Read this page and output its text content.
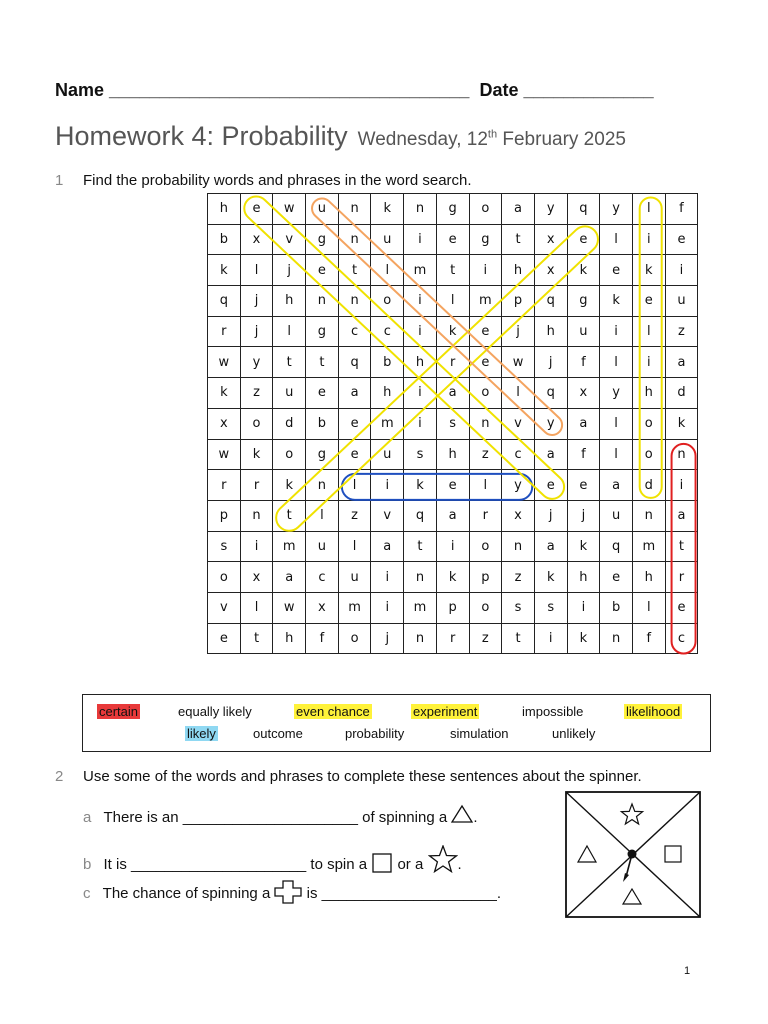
Name ____________________________________ Date _____________
Homework 4: Probability Wednesday, 12th February 2025
1 Find the probability words and phrases in the word search.
h	e	w	u	n	k	n	g	o	a	y	q	y	l	f
b	x	v	g	n	u	i	e	g	t	x	e	l	i	e
k	l	j	e	t	l	m	t	i	h	x	k	e	k	i
q	j	h	n	n	o	i	l	m	p	q	g	k	e	u
r	j	l	g	c	c	i	k	e	j	h	u	i	l	z
w	y	t	t	q	b	h	r	e	w	j	f	l	i	a
k	z	u	e	a	h	i	a	o	l	q	x	y	h	d
x	o	d	b	e	m	i	s	n	v	y	a	l	o	k
w	k	o	g	e	u	s	h	z	c	a	f	l	o	n
r	r	k	n	l	i	k	e	l	y	e	e	a	d	i
p	n	t	l	z	v	q	a	r	x	j	j	u	n	a
s	i	m	u	l	a	t	i	o	n	a	k	q	m	t
o	x	a	c	u	i	n	k	p	z	k	h	e	h	r
v	l	w	x	m	i	m	p	o	s	s	i	b	l	e
e	t	h	f	o	j	n	r	z	t	i	k	n	f	c
certain	equally likely	even chance	experiment	impossible	likelihood
likely	outcome	probability	simulation	unlikely
2 Use some of the words and phrases to complete these sentences about the spinner.
a There is an _____________________ of spinning a .
b It is _____________________ to spin a or a .
c The chance of spinning a is _____________________.
1
